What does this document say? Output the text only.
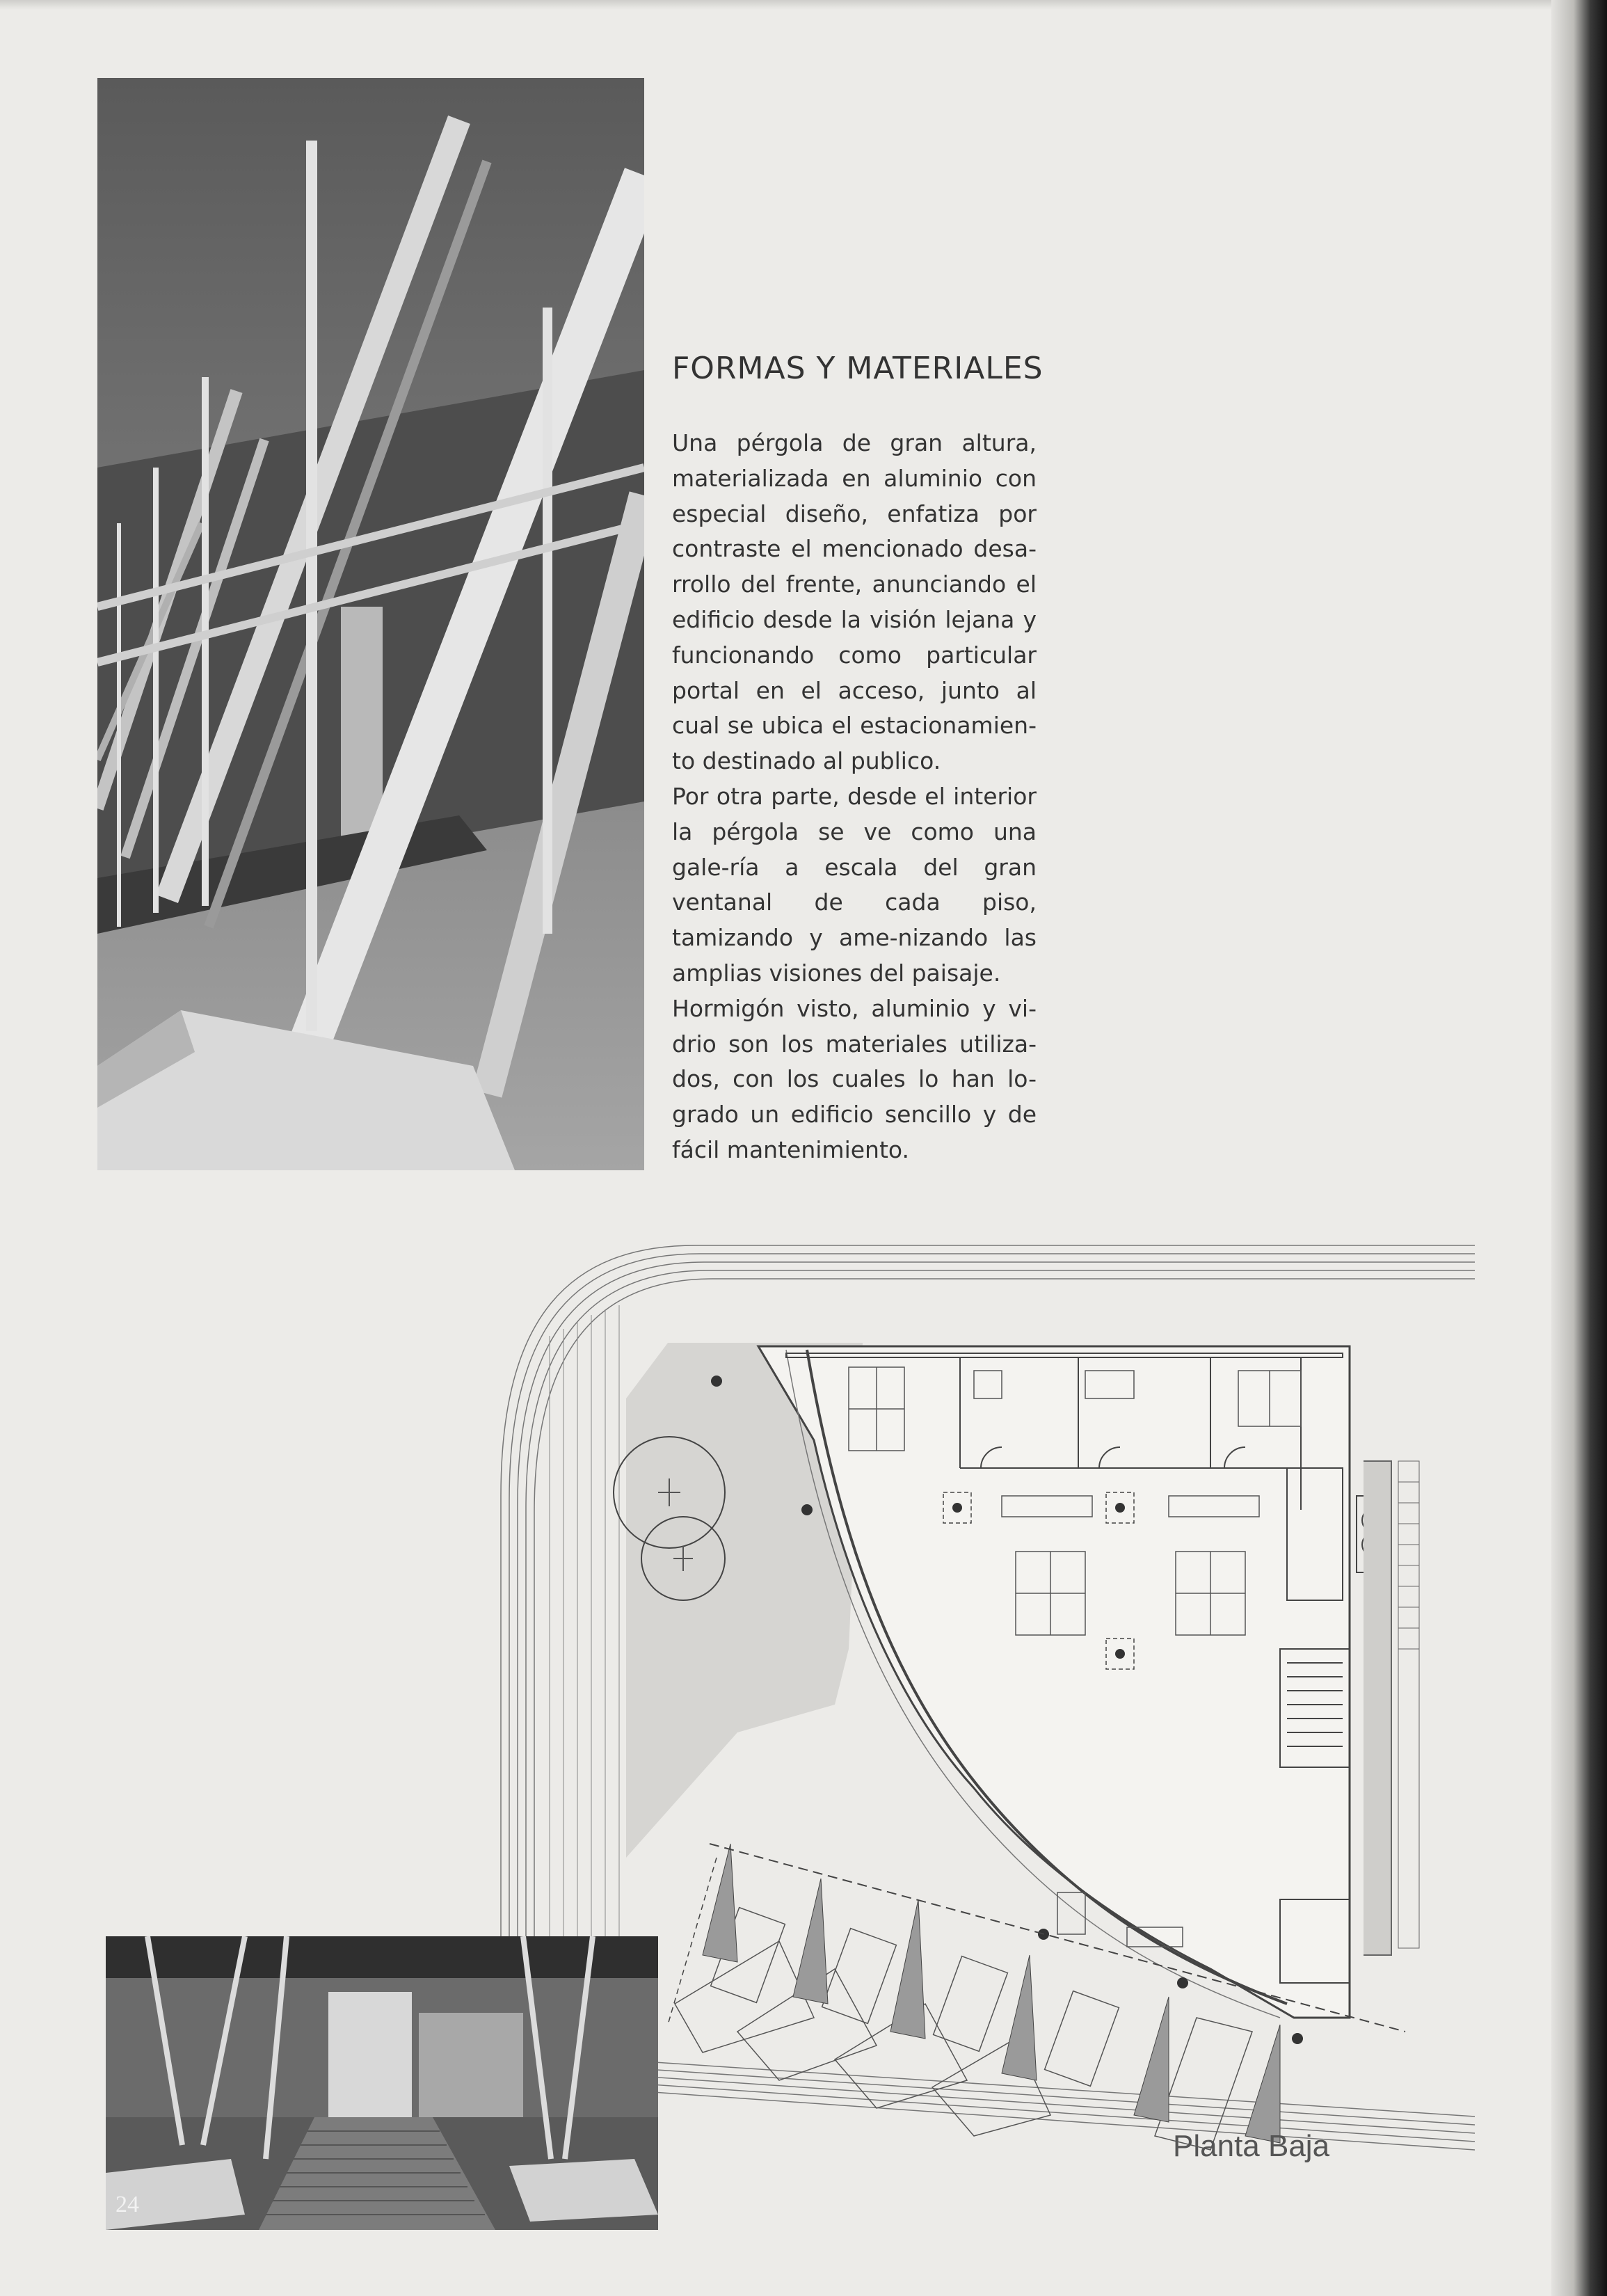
FORMAS Y MATERIALES

Una pérgola de gran altura, materializada en aluminio con especial diseño, enfatiza por contraste el mencionado desa-rrollo del frente, anunciando el edificio desde la visión lejana y funcionando como particular portal en el acceso, junto al cual se ubica el estacionamien-to destinado al publico.

Por otra parte, desde el interior la pérgola se ve como una gale-ría a escala del gran ventanal de cada piso, tamizando y ame-nizando las amplias visiones del paisaje.

Hormigón visto, aluminio y vi-drio son los materiales utiliza-dos, con los cuales lo han lo-grado un edificio sencillo y de fácil mantenimiento.

Planta Baja
24
